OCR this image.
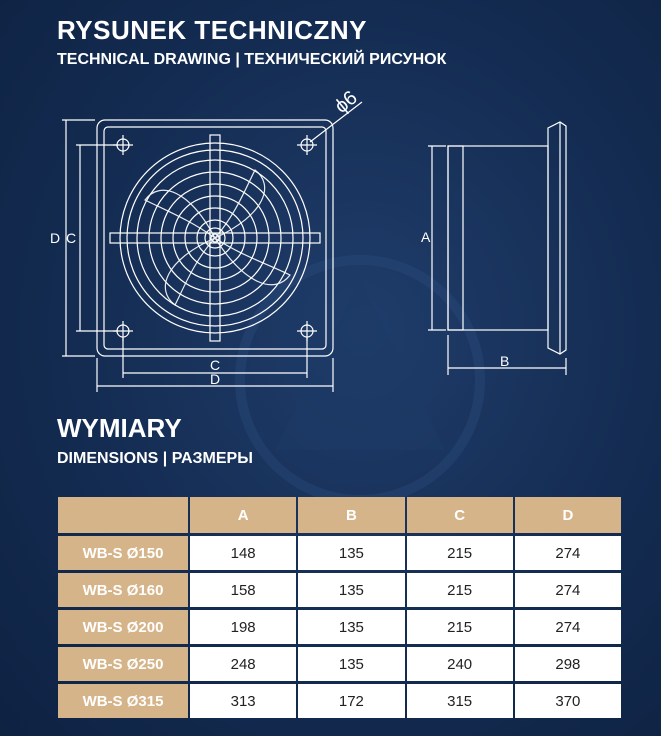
RYSUNEK TECHNICZNY
TECHNICAL DRAWING | ТЕХНИЧЕСКИЙ РИСУНОК
ϕ6
D C
C
D
A
B
WYMIARY
DIMENSIONS | РАЗМЕРЫ
	A	B	C	D
WB-S Ø150	148	135	215	274
WB-S Ø160	158	135	215	274
WB-S Ø200	198	135	215	274
WB-S Ø250	248	135	240	298
WB-S Ø315	313	172	315	370
